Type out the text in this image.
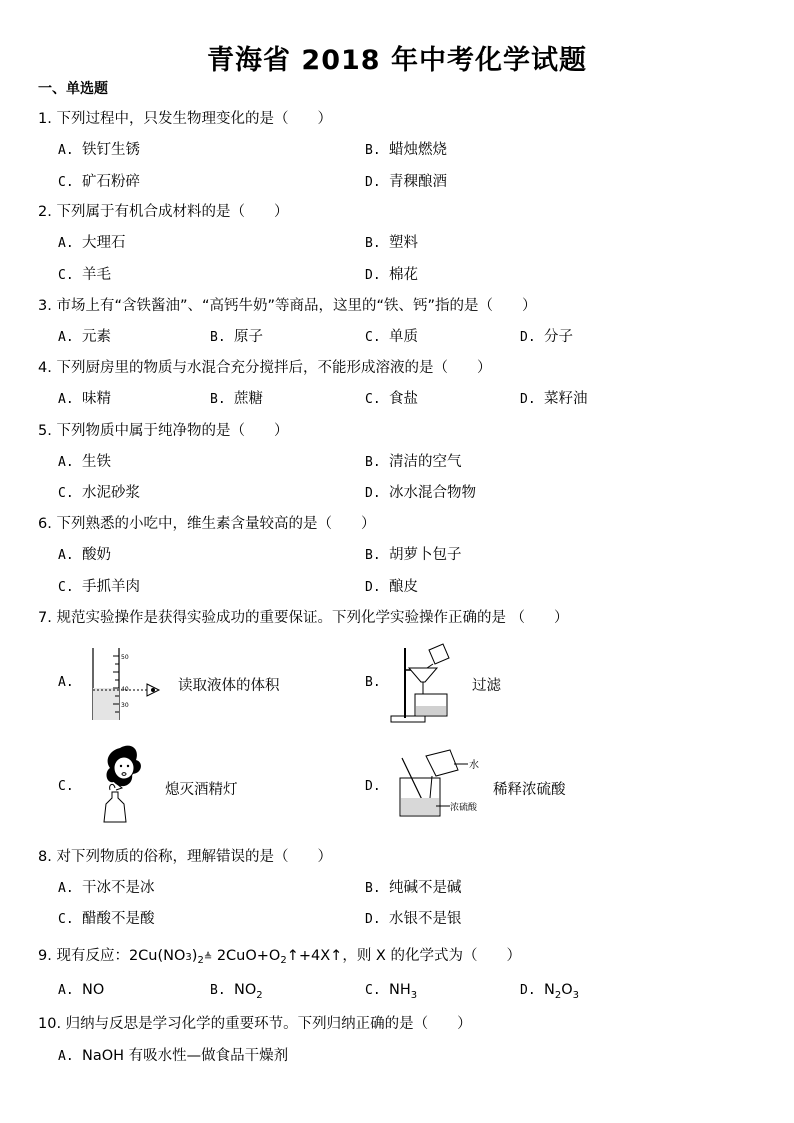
青海省 2018 年中考化学试题
一、单选题
1. 下列过程中，只发生物理变化的是（　　）
A. 铁钉生锈	B. 蜡烛燃烧
C. 矿石粉碎	D. 青稞酿酒
2. 下列属于有机合成材料的是（　　）
A. 大理石	B. 塑料
C. 羊毛	D. 棉花
3. 市场上有“含铁酱油”、“高钙牛奶”等商品，这里的“铁、钙”指的是（　　）
A. 元素	B. 原子	C. 单质	D. 分子
4. 下列厨房里的物质与水混合充分搅拌后，不能形成溶液的是（　　）
A. 味精	B. 蔗糖	C. 食盐	D. 菜籽油
5. 下列物质中属于纯净物的是（　　）
A. 生铁	B. 清洁的空气
C. 水泥砂浆	D. 冰水混合物物
6. 下列熟悉的小吃中，维生素含量较高的是（　　）
A. 酸奶	B. 胡萝卜包子
C. 手抓羊肉	D. 酿皮
7. 规范实验操作是获得实验成功的重要保证。下列化学实验操作正确的是 （　　）
A.
50
40
30
读取液体的体积	B.	过滤
C.	熄灭酒精灯	D.
水
浓硫酸
稀释浓硫酸
8. 对下列物质的俗称，理解错误的是（　　）
A. 干冰不是冰	B. 纯碱不是碱
C. 醋酸不是酸	D. 水银不是银
9. 现有反应：$2Cu(NO3)_2≜$ $2CuO+O_2↑+4X↑$，则 X 的化学式为（　　）
A. NO	B. $NO_2$	C. $NH_3$	D. $N_2O_3$
10. 归纳与反思是学习化学的重要环节。下列归纳正确的是（　　）
A. NaOH 有吸水性—做食品干燥剂
